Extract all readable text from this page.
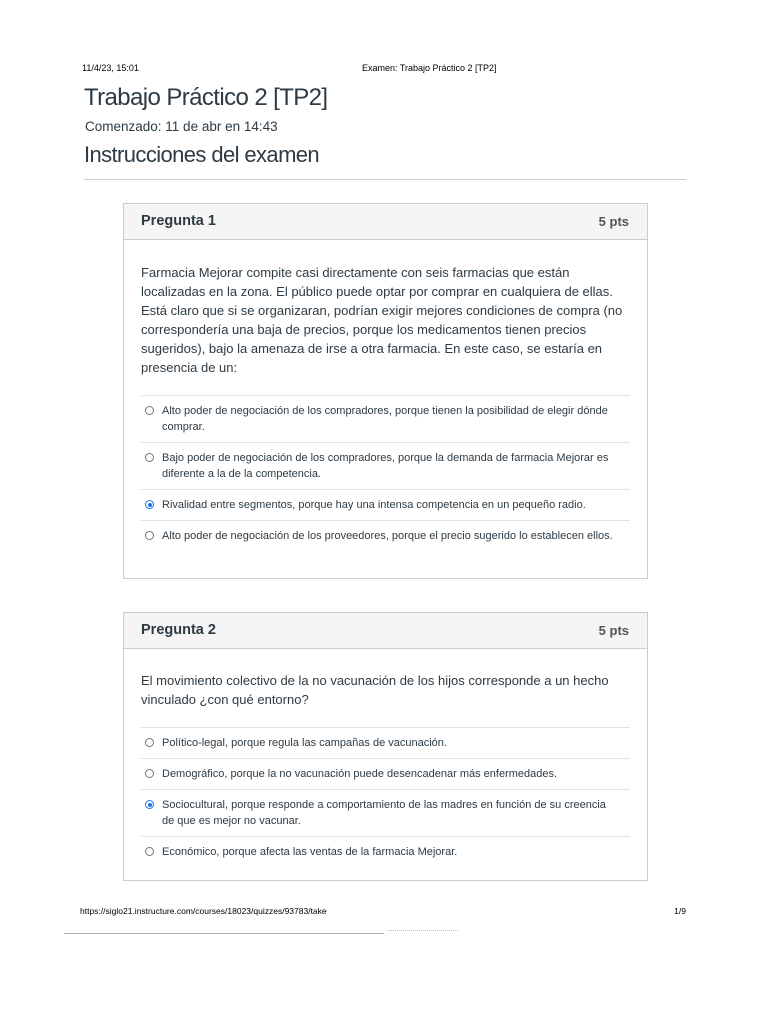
11/4/23, 15:01	Examen: Trabajo Práctico 2 [TP2]
Trabajo Práctico 2 [TP2]
Comenzado: 11 de abr en 14:43
Instrucciones del examen
Pregunta 1	5 pts

Farmacia Mejorar compite casi directamente con seis farmacias que están localizadas en la zona. El público puede optar por comprar en cualquiera de ellas. Está claro que si se organizaran, podrían exigir mejores condiciones de compra (no correspondería una baja de precios, porque los medicamentos tienen precios sugeridos), bajo la amenaza de irse a otra farmacia. En este caso, se estaría en presencia de un:

Alto poder de negociación de los compradores, porque tienen la posibilidad de elegir dónde comprar.
Bajo poder de negociación de los compradores, porque la demanda de farmacia Mejorar es diferente a la de la competencia.
Rivalidad entre segmentos, porque hay una intensa competencia en un pequeño radio.
Alto poder de negociación de los proveedores, porque el precio sugerido lo establecen ellos.
Pregunta 2	5 pts

El movimiento colectivo de la no vacunación de los hijos corresponde a un hecho vinculado ¿con qué entorno?

Político-legal, porque regula las campañas de vacunación.
Demográfico, porque la no vacunación puede desencadenar más enfermedades.
Sociocultural, porque responde a comportamiento de las madres en función de su creencia de que es mejor no vacunar.
Económico, porque afecta las ventas de la farmacia Mejorar.
https://siglo21.instructure.com/courses/18023/quizzes/93783/take	1/9
